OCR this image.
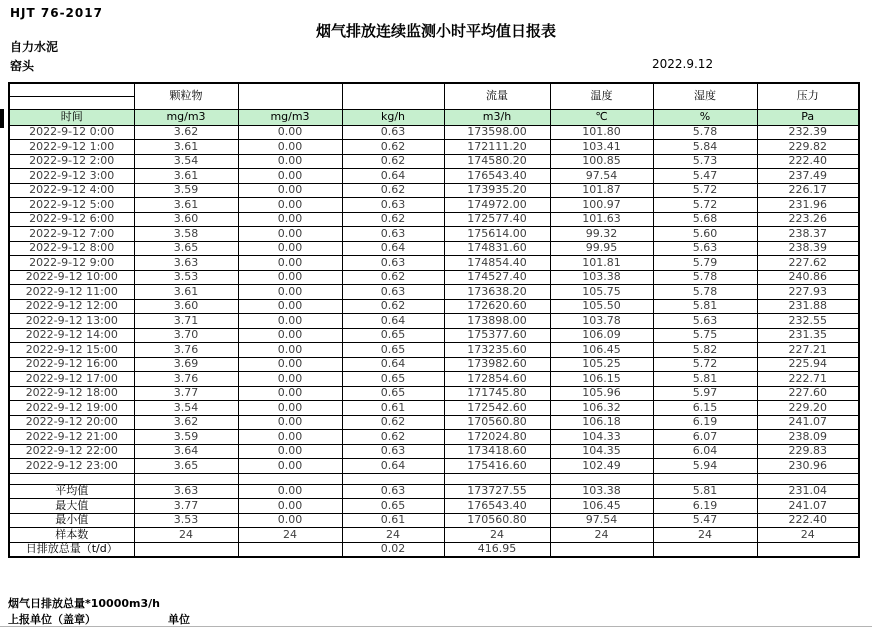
HJT 76-2017
烟气排放连续监测小时平均值日报表
自力水泥
窑头	2022.9.12
	颗粒物			流量	温度	湿度	压力

时间	mg/m3	mg/m3	kg/h	m3/h	℃	%	Pa
2022-9-12 0:00	3.62	0.00	0.63	173598.00	101.80	5.78	232.39
2022-9-12 1:00	3.61	0.00	0.62	172111.20	103.41	5.84	229.82
2022-9-12 2:00	3.54	0.00	0.62	174580.20	100.85	5.73	222.40
2022-9-12 3:00	3.61	0.00	0.64	176543.40	97.54	5.47	237.49
2022-9-12 4:00	3.59	0.00	0.62	173935.20	101.87	5.72	226.17
2022-9-12 5:00	3.61	0.00	0.63	174972.00	100.97	5.72	231.96
2022-9-12 6:00	3.60	0.00	0.62	172577.40	101.63	5.68	223.26
2022-9-12 7:00	3.58	0.00	0.63	175614.00	99.32	5.60	238.37
2022-9-12 8:00	3.65	0.00	0.64	174831.60	99.95	5.63	238.39
2022-9-12 9:00	3.63	0.00	0.63	174854.40	101.81	5.79	227.62
2022-9-12 10:00	3.53	0.00	0.62	174527.40	103.38	5.78	240.86
2022-9-12 11:00	3.61	0.00	0.63	173638.20	105.75	5.78	227.93
2022-9-12 12:00	3.60	0.00	0.62	172620.60	105.50	5.81	231.88
2022-9-12 13:00	3.71	0.00	0.64	173898.00	103.78	5.63	232.55
2022-9-12 14:00	3.70	0.00	0.65	175377.60	106.09	5.75	231.35
2022-9-12 15:00	3.76	0.00	0.65	173235.60	106.45	5.82	227.21
2022-9-12 16:00	3.69	0.00	0.64	173982.60	105.25	5.72	225.94
2022-9-12 17:00	3.76	0.00	0.65	172854.60	106.15	5.81	222.71
2022-9-12 18:00	3.77	0.00	0.65	171745.80	105.96	5.97	227.60
2022-9-12 19:00	3.54	0.00	0.61	172542.60	106.32	6.15	229.20
2022-9-12 20:00	3.62	0.00	0.62	170560.80	106.18	6.19	241.07
2022-9-12 21:00	3.59	0.00	0.62	172024.80	104.33	6.07	238.09
2022-9-12 22:00	3.64	0.00	0.63	173418.60	104.35	6.04	229.83
2022-9-12 23:00	3.65	0.00	0.64	175416.60	102.49	5.94	230.96

平均值	3.63	0.00	0.63	173727.55	103.38	5.81	231.04
最大值	3.77	0.00	0.65	176543.40	106.45	6.19	241.07
最小值	3.53	0.00	0.61	170560.80	97.54	5.47	222.40
样本数	24	24	24	24	24	24	24
日排放总量（t/d）			0.02	416.95			
烟气日排放总量*10000m3/h
上报单位（盖章）	单位
